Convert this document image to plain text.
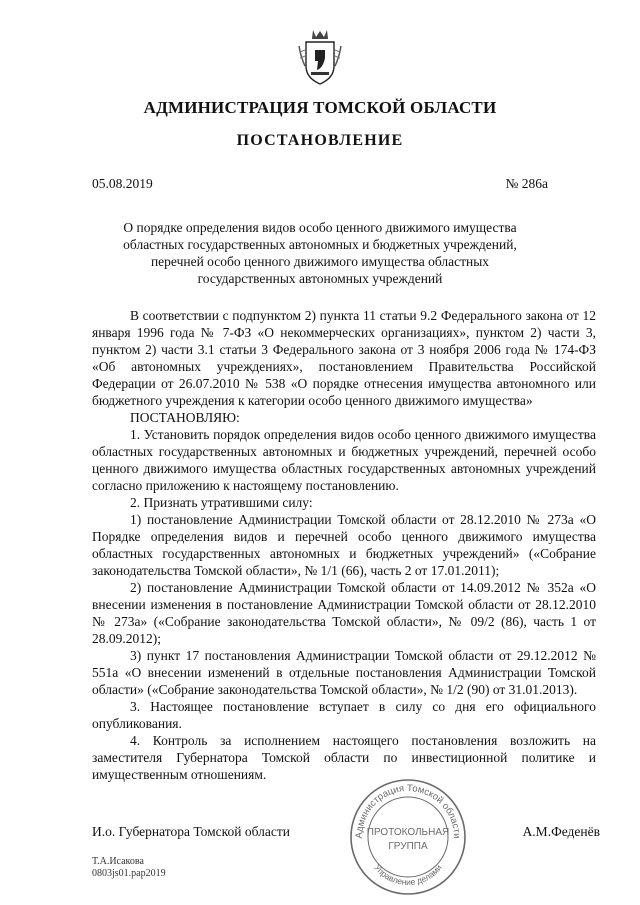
АДМИНИСТРАЦИЯ ТОМСКОЙ ОБЛАСТИ
ПОСТАНОВЛЕНИЕ
05.08.2019	№ 286а
О порядке определения видов особо ценного движимого имущества
областных государственных автономных и бюджетных учреждений,
перечней особо ценного движимого имущества областных
государственных автономных учреждений

В соответствии с подпунктом 2) пункта 11 статьи 9.2 Федерального закона от 12 января 1996 года № 7-ФЗ «О некоммерческих организациях», пунктом 2) части 3, пунктом 2) части 3.1 статьи 3 Федерального закона от 3 ноября 2006 года № 174-ФЗ «Об автономных учреждениях», постановлением Правительства Российской Федерации от 26.07.2010 № 538 «О порядке отнесения имущества автономного или бюджетного учреждения к категории особо ценного движимого имущества»

ПОСТАНОВЛЯЮ:

1. Установить порядок определения видов особо ценного движимого имущества областных государственных автономных и бюджетных учреждений, перечней особо ценного движимого имущества областных государственных автономных учреждений согласно приложению к настоящему постановлению.

2. Признать утратившими силу:

1) постановление Администрации Томской области от 28.12.2010 № 273а «О Порядке определения видов и перечней особо ценного движимого имущества областных государственных автономных и бюджетных учреждений» («Собрание законодательства Томской области», № 1/1 (66), часть 2 от 17.01.2011);

2) постановление Администрации Томской области от 14.09.2012 № 352а «О внесении изменения в постановление Администрации Томской области от 28.12.2010 № 273а» («Собрание законодательства Томской области», № 09/2 (86), часть 1 от 28.09.2012);

3) пункт 17 постановления Администрации Томской области от 29.12.2012 № 551а «О внесении изменений в отдельные постановления Администрации Томской области» («Собрание законодательства Томской области», № 1/2 (90) от 31.01.2013).

3. Настоящее постановление вступает в силу со дня его официального опубликования.

4. Контроль за исполнением настоящего постановления возложить на заместителя Губернатора Томской области по инвестиционной политике и имущественным отношениям.

И.о. Губернатора Томской области	А.М.Феденёв
Т.А.Исакова
0803js01.рар2019
Администрация Томской области
Управление делами
ПРОТОКОЛЬНАЯ
ГРУППА
